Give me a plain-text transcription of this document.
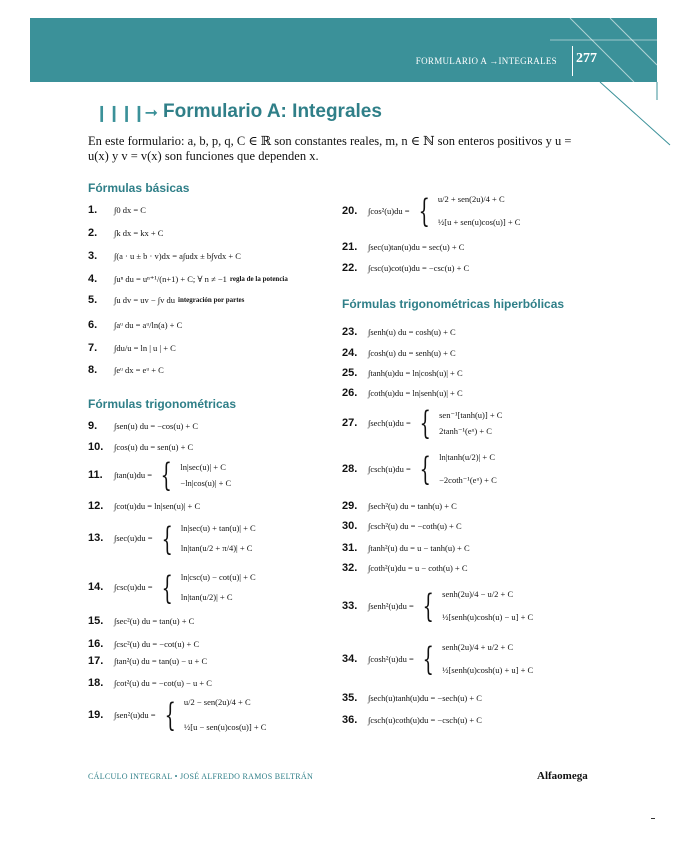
FORMULARIO A →INTEGRALES 277
❙❙❙❙➞ Formulario A: Integrales
En este formulario: a, b, p, q, C ∈ ℝ son constantes reales, m, n ∈ ℕ son enteros positivos y u = u(x) y v = v(x) son funciones que dependen x.
Fórmulas básicas
Fórmulas trigonométricas
Fórmulas trigonométricas hiperbólicas
1.	∫0 dx = C
2.	∫k dx = kx + C
3.	∫(a · u ± b · v)dx = a∫udx ± b∫vdx + C
4.	∫uⁿ du = uⁿ⁺¹/(n+1) + C; ∀ n ≠ −1 regla de la potencia
5.	∫u dv = uv − ∫v du integración por partes
6.	∫aᵘ du = aᵘ/ln(a) + C
7.	∫du/u = ln | u | + C
8.	∫eᵘ dx = eᵘ + C
9.	∫sen(u) du = −cos(u) + C
10.	∫cos(u) du = sen(u) + C
11.	∫tan(u)du = { ln|sec(u)| + C
−ln|cos(u)| + C
12.	∫cot(u)du = ln|sen(u)| + C
13.	∫sec(u)du = { ln|sec(u) + tan(u)| + C
ln|tan(u/2 + π/4)| + C
14.	∫csc(u)du = { ln|csc(u) − cot(u)| + C
ln|tan(u/2)| + C
15.	∫sec²(u) du = tan(u) + C
16.	∫csc²(u) du = −cot(u) + C
17.	∫tan²(u) du = tan(u) − u + C
18.	∫cot²(u) du = −cot(u) − u + C
19.	∫sen²(u)du = { u/2 − sen(2u)/4 + C
½[u − sen(u)cos(u)] + C
20.	∫cos²(u)du = { u/2 + sen(2u)/4 + C
½[u + sen(u)cos(u)] + C
21.	∫sec(u)tan(u)du = sec(u) + C
22.	∫csc(u)cot(u)du = −csc(u) + C
23.	∫senh(u) du = cosh(u) + C
24.	∫cosh(u) du = senh(u) + C
25.	∫tanh(u)du = ln|cosh(u)| + C
26.	∫coth(u)du = ln|senh(u)| + C
27.	∫sech(u)du = { sen⁻¹[tanh(u)] + C
2tanh⁻¹(eᵘ) + C
28.	∫csch(u)du = { ln|tanh(u/2)| + C
−2coth⁻¹(eᵘ) + C
29.	∫sech²(u) du = tanh(u) + C
30.	∫csch²(u) du = −coth(u) + C
31.	∫tanh²(u) du = u − tanh(u) + C
32.	∫coth²(u)du = u − coth(u) + C
33.	∫senh²(u)du = { senh(2u)/4 − u/2 + C
½[senh(u)cosh(u) − u] + C
34.	∫cosh²(u)du = { senh(2u)/4 + u/2 + C
½[senh(u)cosh(u) + u] + C
35.	∫sech(u)tanh(u)du = −sech(u) + C
36.	∫csch(u)coth(u)du = −csch(u) + C
CÁLCULO INTEGRAL • JOSÉ ALFREDO RAMOS BELTRÁN	Alfaomega
